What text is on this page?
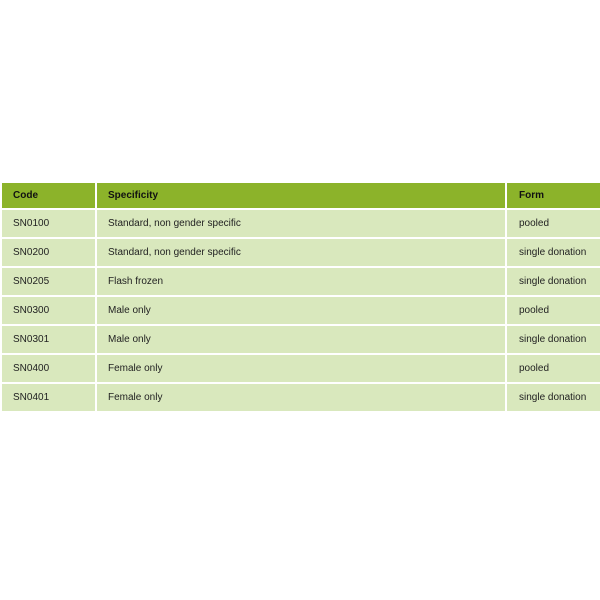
Code	Specificity	Form
SN0100	Standard, non gender specific	pooled
SN0200	Standard, non gender specific	single donation
SN0205	Flash frozen	single donation
SN0300	Male only	pooled
SN0301	Male only	single donation
SN0400	Female only	pooled
SN0401	Female only	single donation
